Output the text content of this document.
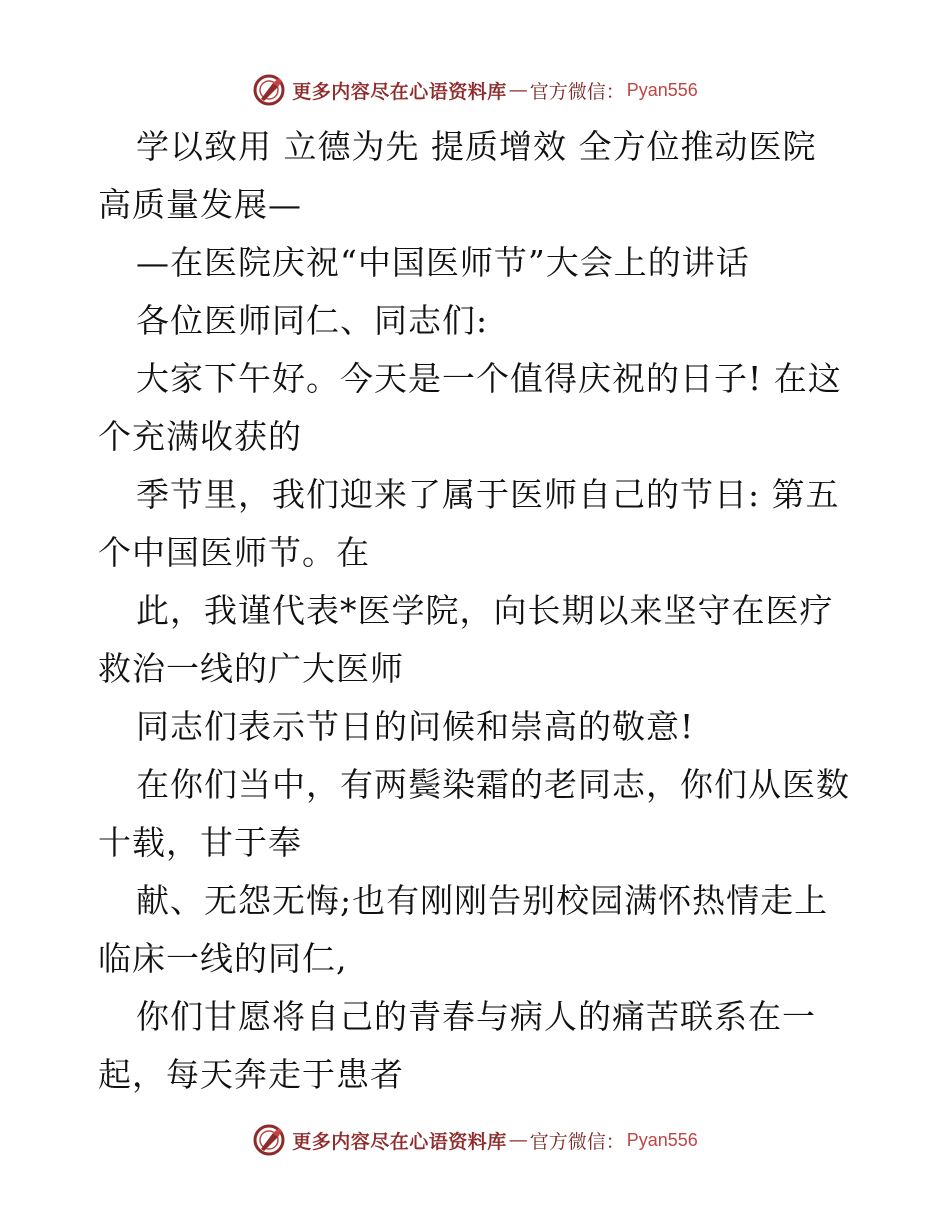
更多内容尽在心语资料库 — 官方微信： Pyan556

学以致用 立德为先 提质增效 全方位推动医院

高质量发展—

—在医院庆祝“中国医师节”大会上的讲话

各位医师同仁、同志们:

大家下午好。今天是一个值得庆祝的日子! 在这

个充满收获的

季节里，我们迎来了属于医师自己的节日: 第五

个中国医师节。在

此，我谨代表*医学院，向长期以来坚守在医疗

救治一线的广大医师

同志们表示节日的问候和崇高的敬意!

在你们当中，有两鬓染霜的老同志，你们从医数

十载，甘于奉

献、无怨无悔;也有刚刚告别校园满怀热情走上

临床一线的同仁,

你们甘愿将自己的青春与病人的痛苦联系在一

起，每天奔走于患者

更多内容尽在心语资料库 — 官方微信： Pyan556
